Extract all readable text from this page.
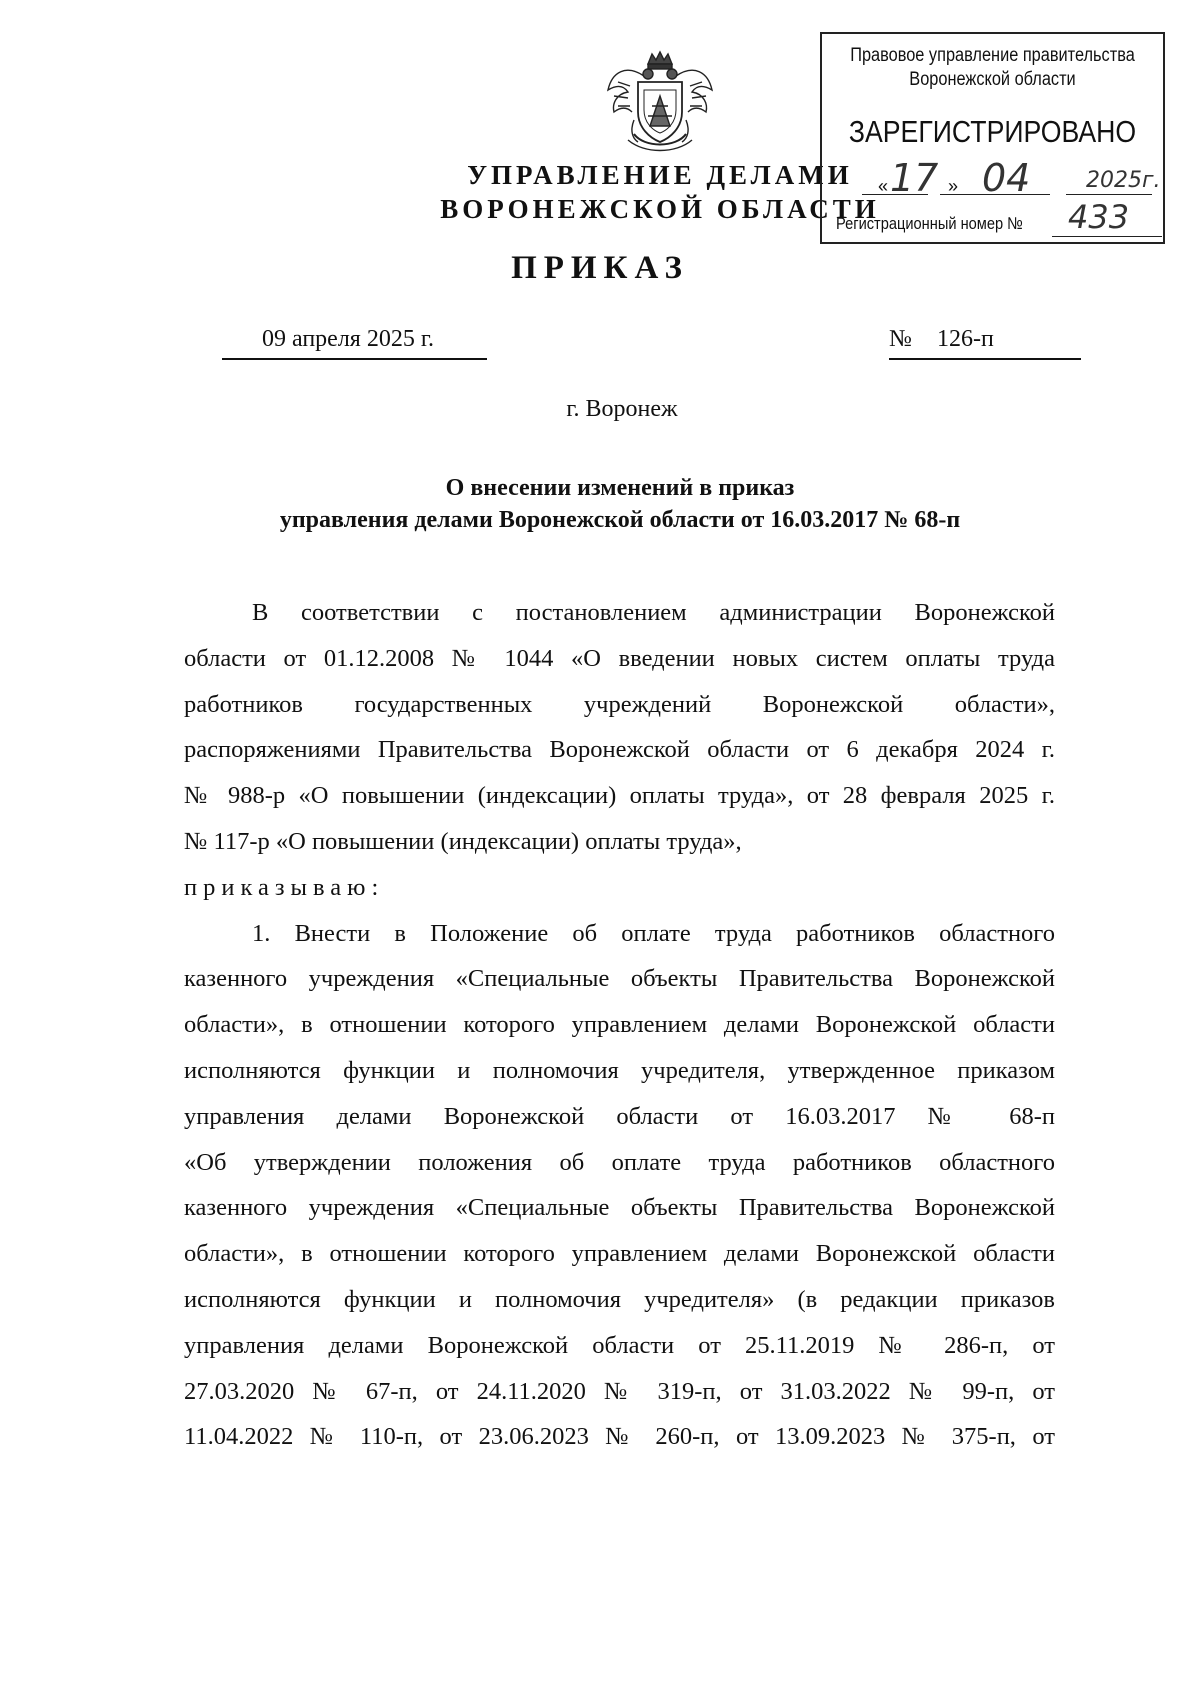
УПРАВЛЕНИЕ ДЕЛАМИ
ВОРОНЕЖСКОЙ ОБЛАСТИ
Правовое управление правительства
Воронежской области
ЗАРЕГИСТРИРОВАНО
« 17 » 04	2025г.
Регистрационный номер № 433
ПРИКАЗ
09 апреля 2025 г.	№ 126-п
г. Воронеж
О внесении изменений в приказ
управления делами Воронежской области от 16.03.2017 № 68-п
В соответствии с постановлением администрации Воронежской
области от 01.12.2008 № 1044 «О введении новых систем оплаты труда
работников государственных учреждений Воронежской области»,
распоряжениями Правительства Воронежской области от 6 декабря 2024 г.
№ 988-р «О повышении (индексации) оплаты труда», от 28 февраля 2025 г.
№ 117-р «О повышении (индексации) оплаты труда»,
приказываю:
1. Внести в Положение об оплате труда работников областного
казенного учреждения «Специальные объекты Правительства Воронежской
области», в отношении которого управлением делами Воронежской области
исполняются функции и полномочия учредителя, утвержденное приказом
управления делами Воронежской области от 16.03.2017 № 68-п
«Об утверждении положения об оплате труда работников областного
казенного учреждения «Специальные объекты Правительства Воронежской
области», в отношении которого управлением делами Воронежской области
исполняются функции и полномочия учредителя» (в редакции приказов
управления делами Воронежской области от 25.11.2019 № 286-п, от
27.03.2020 № 67-п, от 24.11.2020 № 319-п, от 31.03.2022 № 99-п, от
11.04.2022 № 110-п, от 23.06.2023 № 260-п, от 13.09.2023 № 375-п, от
